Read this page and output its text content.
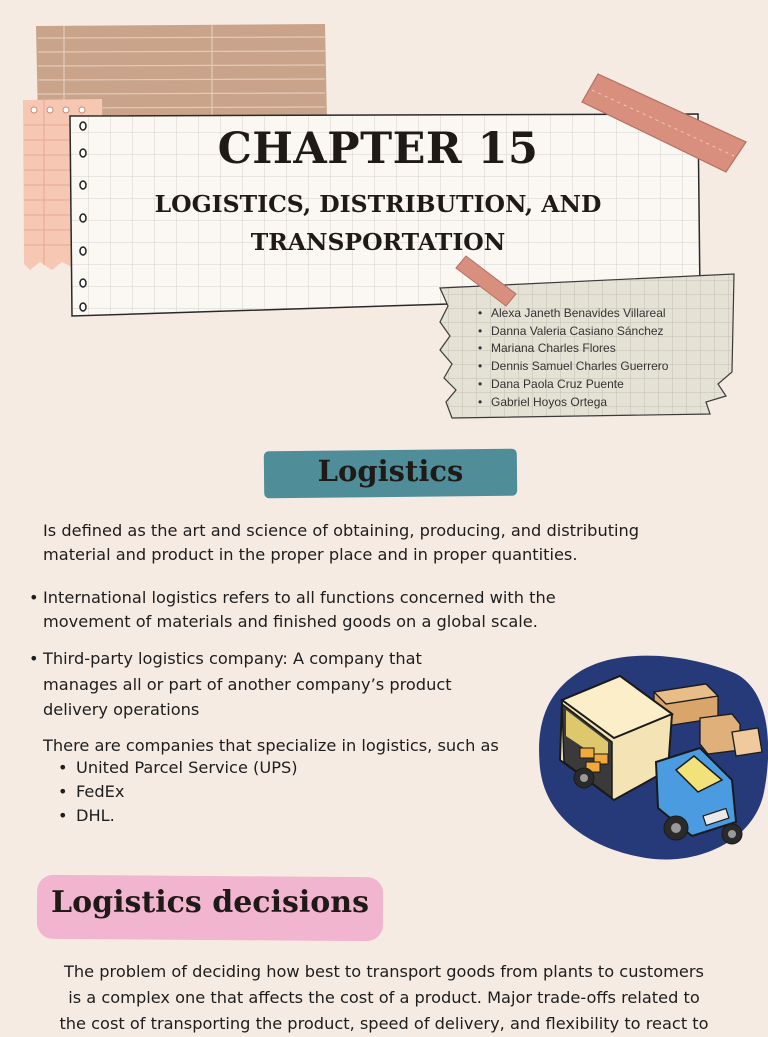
CHAPTER 15
LOGISTICS, DISTRIBUTION, AND
TRANSPORTATION
• Alexa Janeth Benavides Villareal
• Danna Valeria Casiano Sánchez
• Mariana Charles Flores
• Dennis Samuel Charles Guerrero
• Dana Paola Cruz Puente
• Gabriel Hoyos Ortega
Logistics
Is defined as the art and science of obtaining, producing, and distributing
material and product in the proper place and in proper quantities.
• International logistics refers to all functions concerned with the
movement of materials and finished goods on a global scale.
• Third-party logistics company: A company that
manages all or part of another company’s product
delivery operations
There are companies that specialize in logistics, such as
• United Parcel Service (UPS)
• FedEx
• DHL.
Logistics decisions
The problem of deciding how best to transport goods from plants to customers
is a complex one that affects the cost of a product. Major trade-offs related to
the cost of transporting the product, speed of delivery, and flexibility to react to
